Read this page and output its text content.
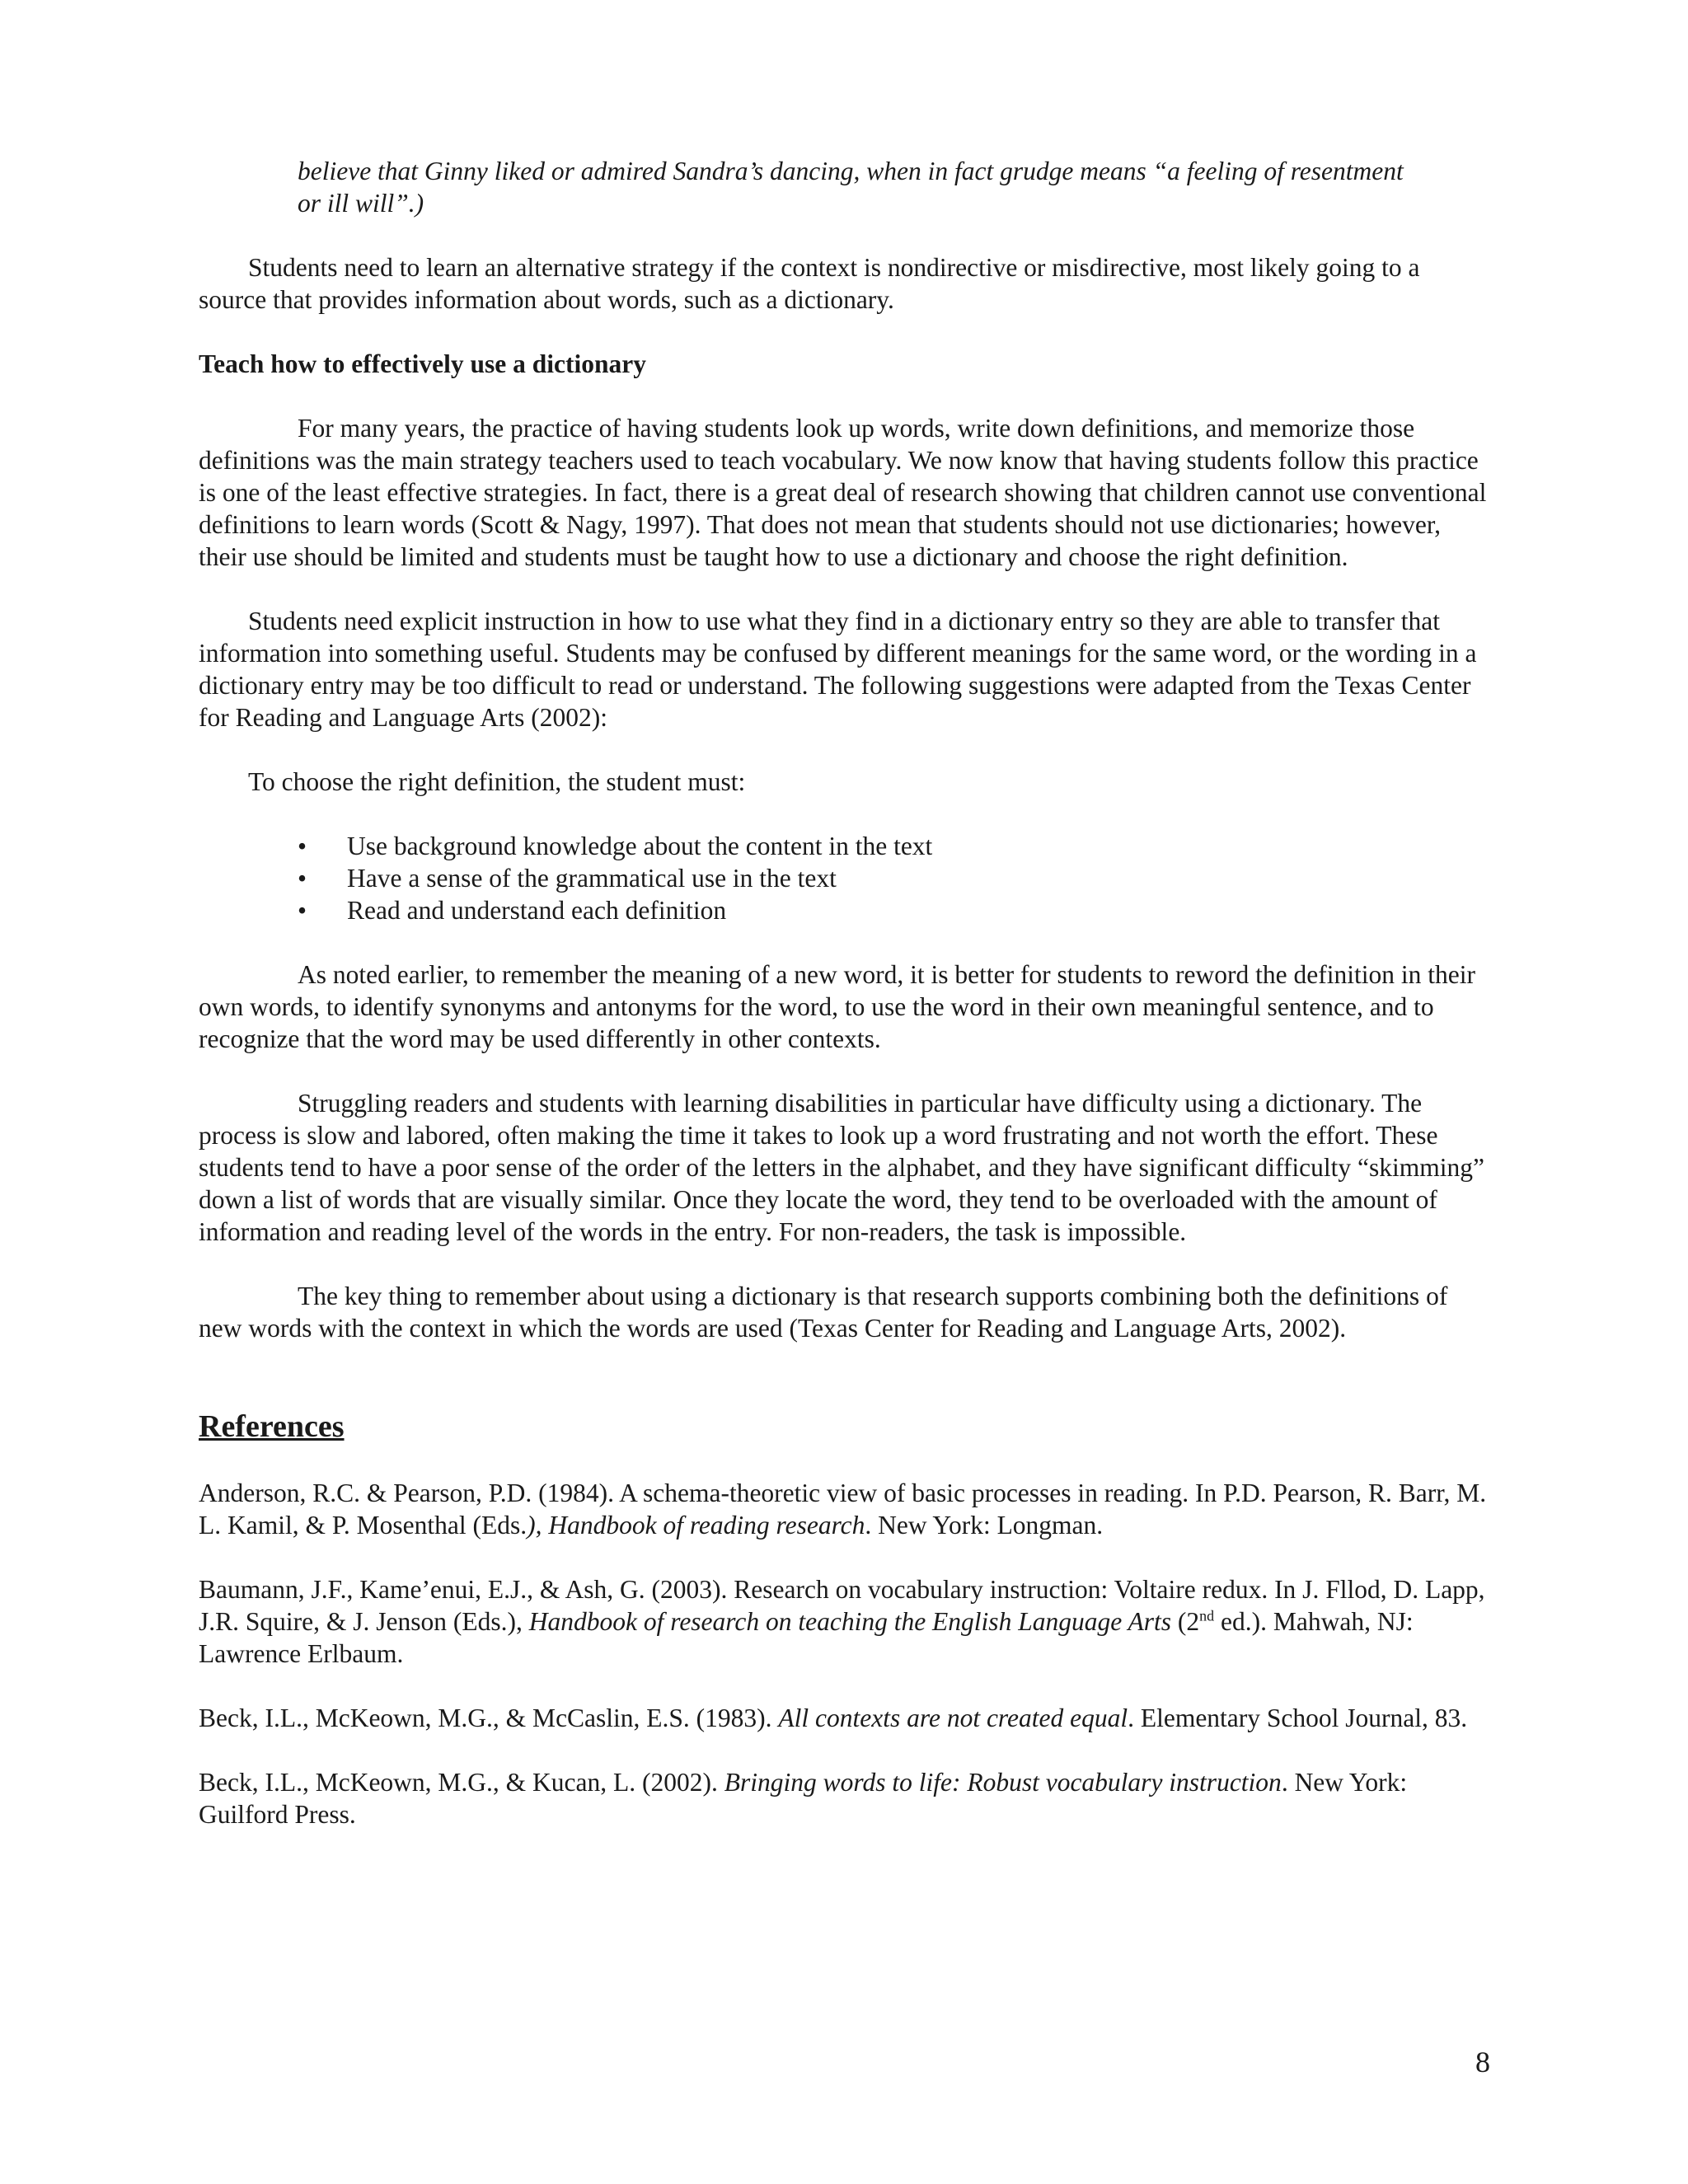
believe that Ginny liked or admired Sandra’s dancing, when in fact grudge means “a feeling of resentment

or ill will”.)

Students need to learn an alternative strategy if the context is nondirective or misdirective, most likely going to a source that provides information about words, such as a dictionary.

Teach how to effectively use a dictionary

For many years, the practice of having students look up words, write down definitions, and memorize those definitions was the main strategy teachers used to teach vocabulary. We now know that having students follow this practice is one of the least effective strategies. In fact, there is a great deal of research showing that children cannot use conventional definitions to learn words (Scott & Nagy, 1997). That does not mean that students should not use dictionaries; however, their use should be limited and students must be taught how to use a dictionary and choose the right definition.

Students need explicit instruction in how to use what they find in a dictionary entry so they are able to transfer that information into something useful. Students may be confused by different meanings for the same word, or the wording in a dictionary entry may be too difficult to read or understand. The following suggestions were adapted from the Texas Center for Reading and Language Arts (2002):

To choose the right definition, the student must:

• Use background knowledge about the content in the text
• Have a sense of the grammatical use in the text
• Read and understand each definition

As noted earlier, to remember the meaning of a new word, it is better for students to reword the definition in their own words, to identify synonyms and antonyms for the word, to use the word in their own meaningful sentence, and to recognize that the word may be used differently in other contexts.

Struggling readers and students with learning disabilities in particular have difficulty using a dictionary. The process is slow and labored, often making the time it takes to look up a word frustrating and not worth the effort. These students tend to have a poor sense of the order of the letters in the alphabet, and they have significant difficulty “skimming” down a list of words that are visually similar. Once they locate the word, they tend to be overloaded with the amount of information and reading level of the words in the entry. For non-readers, the task is impossible.

The key thing to remember about using a dictionary is that research supports combining both the definitions of new words with the context in which the words are used (Texas Center for Reading and Language Arts, 2002).

References

Anderson, R.C. & Pearson, P.D. (1984). A schema-theoretic view of basic processes in reading. In P.D. Pearson, R. Barr, M. L. Kamil, & P. Mosenthal (Eds.), Handbook of reading research. New York: Longman.

Baumann, J.F., Kame’enui, E.J., & Ash, G. (2003). Research on vocabulary instruction: Voltaire redux. In J. Fllod, D. Lapp, J.R. Squire, & J. Jenson (Eds.), Handbook of research on teaching the English Language Arts (2nd ed.). Mahwah, NJ: Lawrence Erlbaum.

Beck, I.L., McKeown, M.G., & McCaslin, E.S. (1983). All contexts are not created equal. Elementary School Journal, 83.

Beck, I.L., McKeown, M.G., & Kucan, L. (2002). Bringing words to life: Robust vocabulary instruction. New York: Guilford Press.

8
